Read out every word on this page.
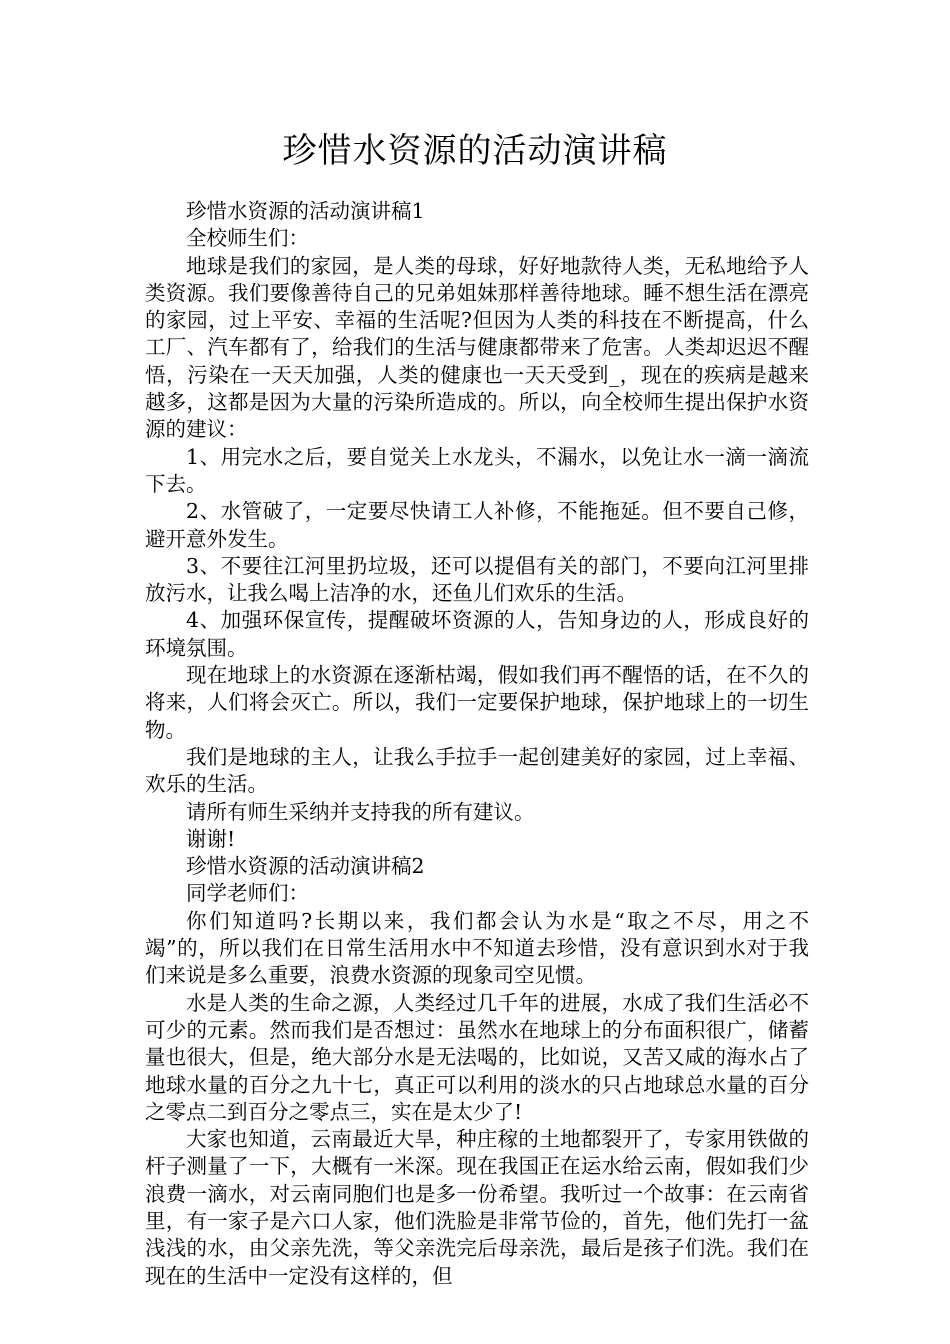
珍惜水资源的活动演讲稿

珍惜水资源的活动演讲稿1

全校师生们：

地球是我们的家园，是人类的母球，好好地款待人类，无私地给予人类资源。我们要像善待自己的兄弟姐妹那样善待地球。睡不想生活在漂亮的家园，过上平安、幸福的生活呢?但因为人类的科技在不断提高，什么工厂、汽车都有了，给我们的生活与健康都带来了危害。人类却迟迟不醒悟，污染在一天天加强，人类的健康也一天天受到_，现在的疾病是越来越多，这都是因为大量的污染所造成的。所以，向全校师生提出保护水资源的建议：

1、用完水之后，要自觉关上水龙头，不漏水，以免让水一滴一滴流下去。

2、水管破了，一定要尽快请工人补修，不能拖延。但不要自己修，避开意外发生。

3、不要往江河里扔垃圾，还可以提倡有关的部门，不要向江河里排放污水，让我么喝上洁净的水，还鱼儿们欢乐的生活。

4、加强环保宣传，提醒破坏资源的人，告知身边的人，形成良好的环境氛围。

现在地球上的水资源在逐渐枯竭，假如我们再不醒悟的话，在不久的将来，人们将会灭亡。所以，我们一定要保护地球，保护地球上的一切生物。

我们是地球的主人，让我么手拉手一起创建美好的家园，过上幸福、欢乐的生活。

请所有师生采纳并支持我的所有建议。

谢谢!

珍惜水资源的活动演讲稿2

同学老师们：

你们知道吗?长期以来，我们都会认为水是“取之不尽，用之不竭”的，所以我们在日常生活用水中不知道去珍惜，没有意识到水对于我们来说是多么重要，浪费水资源的现象司空见惯。

水是人类的生命之源，人类经过几千年的进展，水成了我们生活必不可少的元素。然而我们是否想过：虽然水在地球上的分布面积很广，储蓄量也很大，但是，绝大部分水是无法喝的，比如说，又苦又咸的海水占了地球水量的百分之九十七，真正可以利用的淡水的只占地球总水量的百分之零点二到百分之零点三，实在是太少了!

大家也知道，云南最近大旱，种庄稼的土地都裂开了，专家用铁做的杆子测量了一下，大概有一米深。现在我国正在运水给云南，假如我们少浪费一滴水，对云南同胞们也是多一份希望。我听过一个故事：在云南省里，有一家子是六口人家，他们洗脸是非常节俭的，首先，他们先打一盆浅浅的水，由父亲先洗，等父亲洗完后母亲洗，最后是孩子们洗。我们在现在的生活中一定没有这样的，但
